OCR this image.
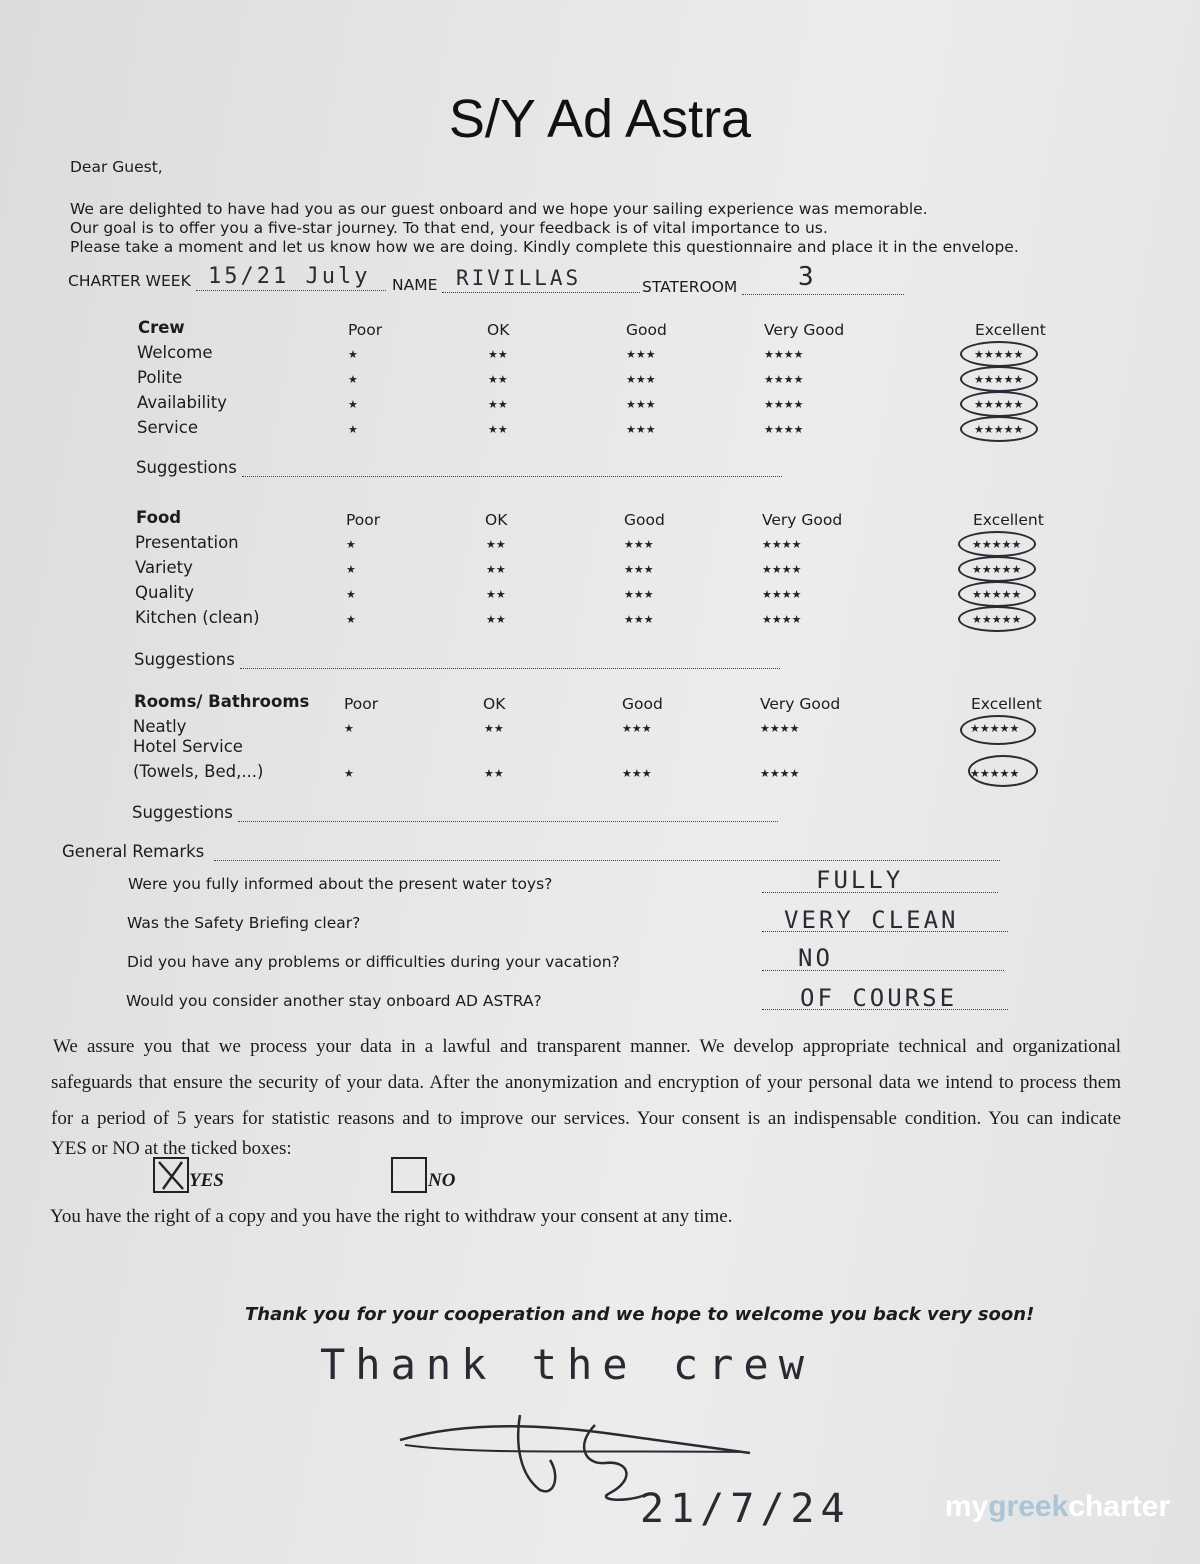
S/Y Ad Astra
Dear Guest,
We are delighted to have had you as our guest onboard and we hope your sailing experience was memorable.
Our goal is to offer you a five-star journey. To that end, your feedback is of vital importance to us.
Please take a moment and let us know how we are doing. Kindly complete this questionnaire and place it in the envelope.
CHARTER WEEK 15/21 July NAME RIVILLAS	STATEROOM 3
Crew	Poor	OK	Good	Very Good	Excellent
Welcome	★	★★	★★★	★★★★	★★★★★
Polite	★	★★	★★★	★★★★	★★★★★
Availability	★	★★	★★★	★★★★	★★★★★
Service	★	★★	★★★	★★★★	★★★★★
Suggestions
Food	Poor	OK	Good	Very Good	Excellent
Presentation	★	★★	★★★	★★★★	★★★★★
Variety	★	★★	★★★	★★★★	★★★★★
Quality	★	★★	★★★	★★★★	★★★★★
Kitchen (clean)	★	★★	★★★	★★★★	★★★★★
Suggestions
Rooms/ Bathrooms Poor	OK	Good	Very Good	Excellent
Neatly	★	★★	★★★	★★★★	★★★★★
Hotel Service
(Towels, Bed,...)	★	★★	★★★	★★★★	★★★★★
Suggestions
General Remarks
Were you fully informed about the present water toys?	FULLY
Was the Safety Briefing clear?	VERY CLEAN
Did you have any problems or difficulties during your vacation?	NO
Would you consider another stay onboard AD ASTRA?	OF COURSE
We assure you that we process your data in a lawful and transparent manner. We develop appropriate technical and organizational
safeguards that ensure the security of your data. After the anonymization and encryption of your personal data we intend to process them
for a period of 5 years for statistic reasons and to improve our services. Your consent is an indispensable condition. You can indicate
YES or NO at the ticked boxes:
YES	NO
You have the right of a copy and you have the right to withdraw your consent at any time.
Thank you for your cooperation and we hope to welcome you back very soon!
Thank the crew
21/7/24	mygreekcharter
